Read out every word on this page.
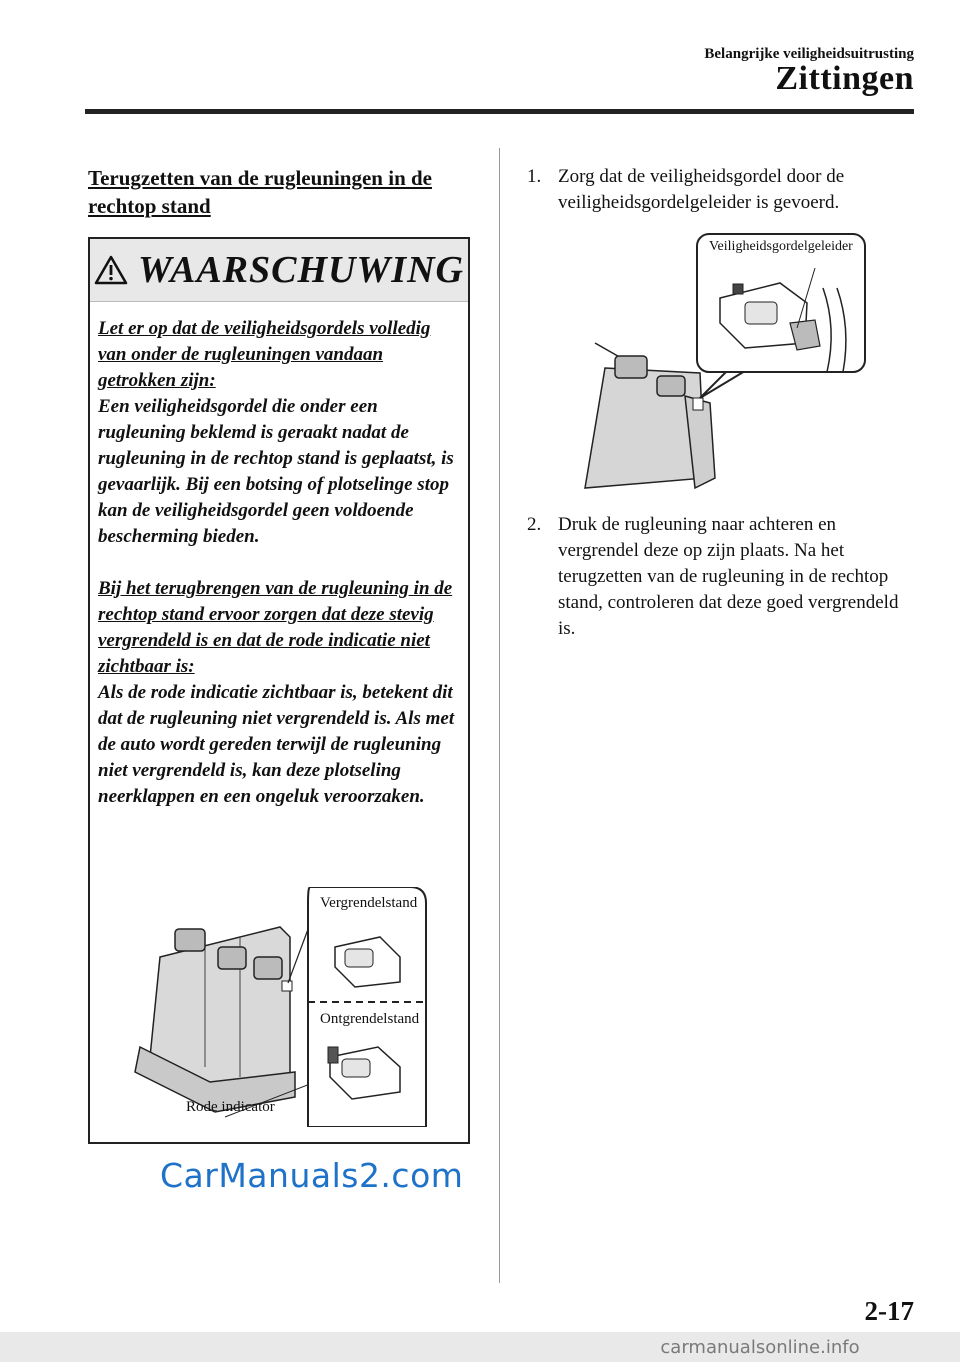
Belangrijke veiligheidsuitrusting
Zittingen
Terugzetten van de rugleuningen in de rechtop stand
WAARSCHUWING

Let er op dat de veiligheidsgordels volledig van onder de rugleuningen vandaan getrokken zijn:

Een veiligheidsgordel die onder een rugleuning beklemd is geraakt nadat de rugleuning in de rechtop stand is geplaatst, is gevaarlijk. Bij een botsing of plotselinge stop kan de veiligheidsgordel geen voldoende bescherming bieden.

Bij het terugbrengen van de rugleuning in de rechtop stand ervoor zorgen dat deze stevig vergrendeld is en dat de rode indicatie niet zichtbaar is:

Als de rode indicatie zichtbaar is, betekent dit dat de rugleuning niet vergrendeld is. Als met de auto wordt gereden terwijl de rugleuning niet vergrendeld is, kan deze plotseling neerklappen en een ongeluk veroorzaken.

Vergrendelstand
Ontgrendelstand
Rode indicator
1. Zorg dat de veiligheidsgordel door de veiligheidsgordelgeleider is gevoerd.
Veiligheidsgordelgeleider
2. Druk de rugleuning naar achteren en vergrendel deze op zijn plaats. Na het terugzetten van de rugleuning in de rechtop stand, controleren dat deze goed vergrendeld is.
CarManuals2.com
2-17
carmanualsonline.info
